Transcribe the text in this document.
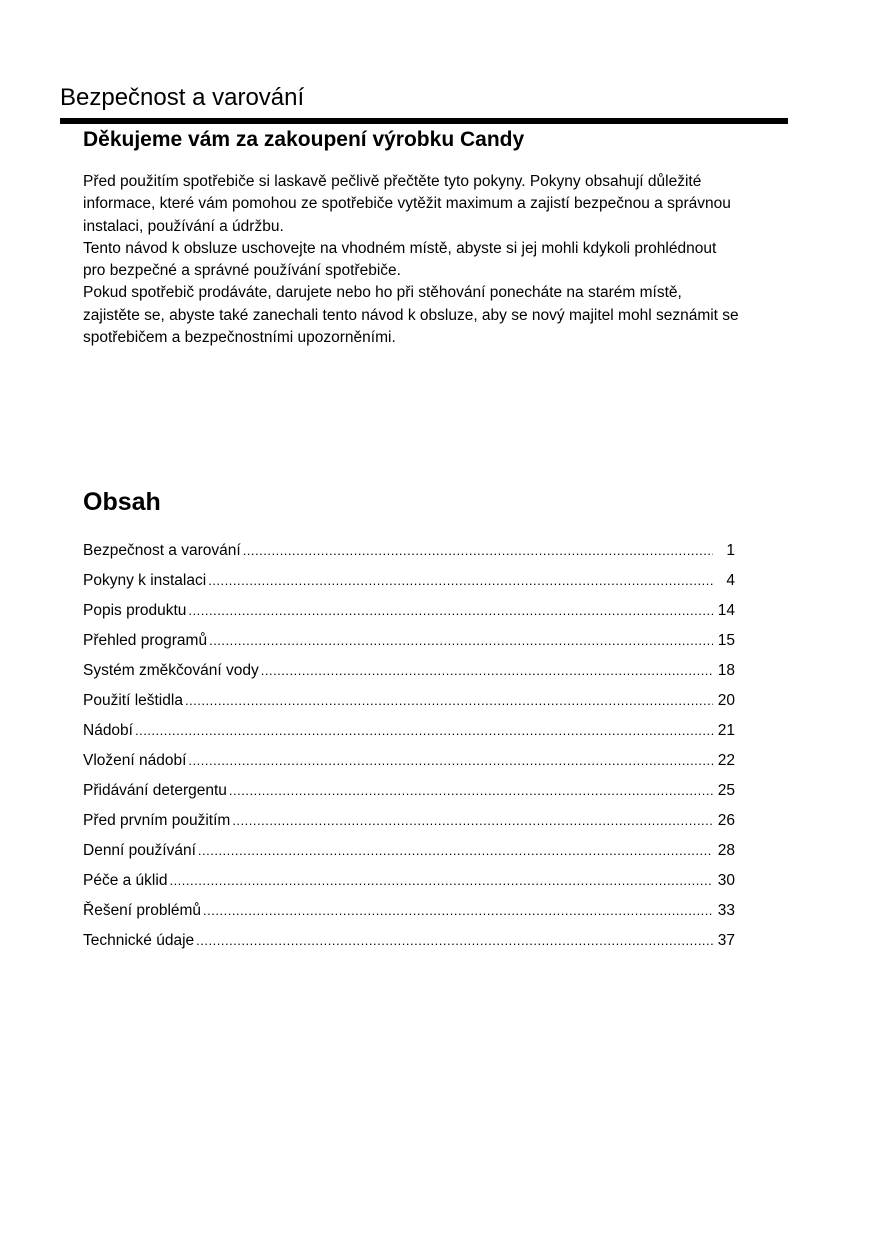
Bezpečnost a varování
Děkujeme vám za zakoupení výrobku Candy
Před použitím spotřebiče si laskavě pečlivě přečtěte tyto pokyny. Pokyny obsahují důležité
informace, které vám pomohou ze spotřebiče vytěžit maximum a zajistí bezpečnou a správnou
instalaci, používání a údržbu.
Tento návod k obsluze uschovejte na vhodném místě, abyste si jej mohli kdykoli prohlédnout
pro bezpečné a správné používání spotřebiče.
Pokud spotřebič prodáváte, darujete nebo ho při stěhování ponecháte na starém místě,
zajistěte se, abyste také zanechali tento návod k obsluze, aby se nový majitel mohl seznámit se
spotřebičem a bezpečnostními upozorněními.
Obsah
Bezpečnost a varování .....	1
Pokyny k instalaci .....	4
Popis produktu .....	14
Přehled programů .....	15
Systém změkčování vody .....	18
Použití leštidla .....	20
Nádobí .....	21
Vložení nádobí .....	22
Přidávání detergentu .....	25
Před prvním použitím .....	26
Denní používání .....	28
Péče a úklid .....	30
Řešení problémů .....	33
Technické údaje .....	37
